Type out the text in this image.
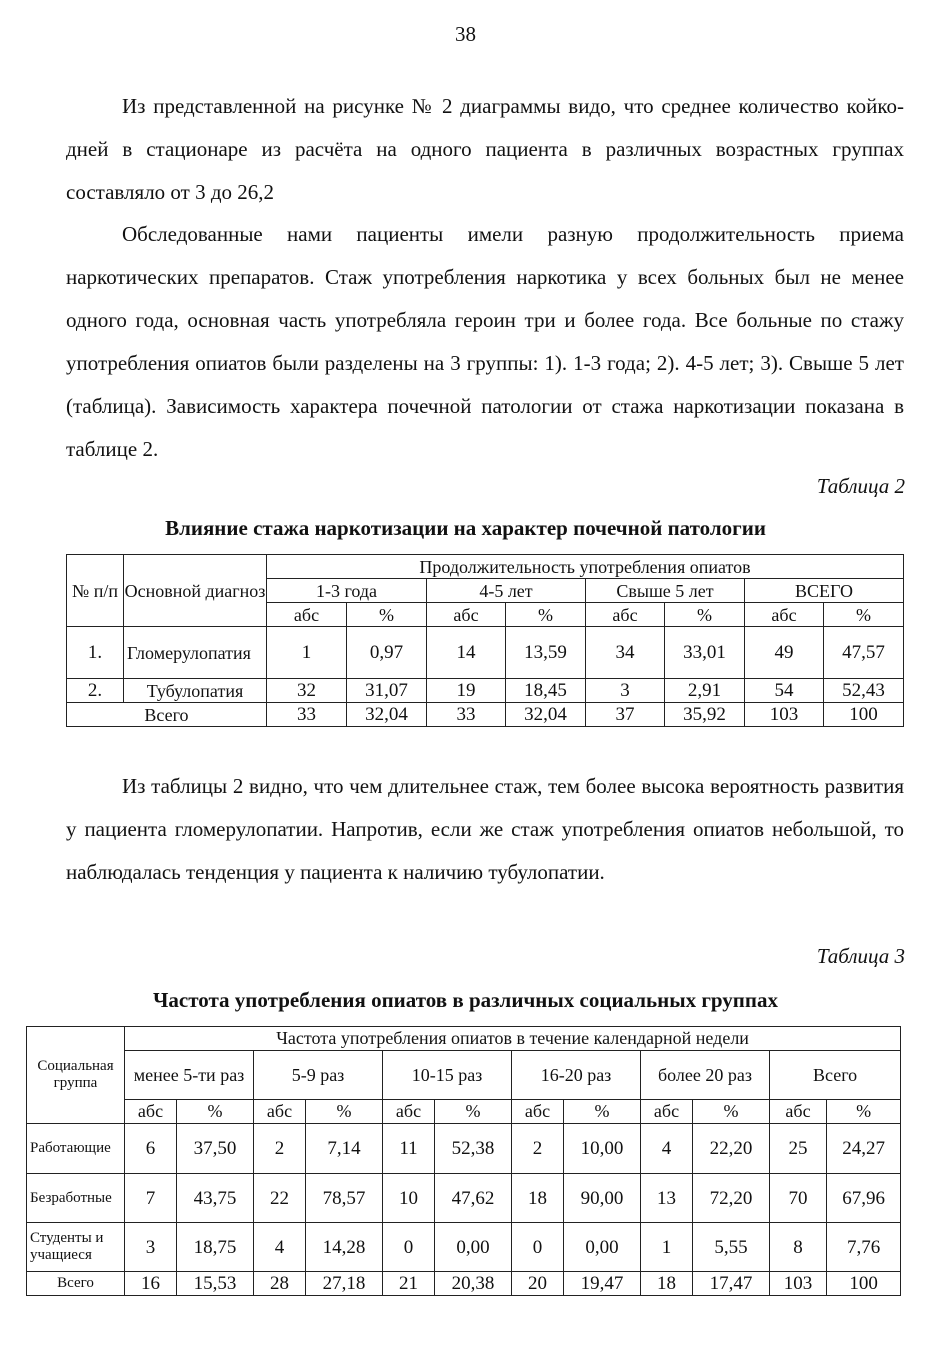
38

Из представленной на рисунке № 2 диаграммы видо, что среднее количество койко-дней в стационаре из расчёта на одного пациента в различных возрастных группах составляло от 3 до 26,2

Обследованные нами пациенты имели разную продолжительность приема наркотических препаратов. Стаж употребления наркотика у всех больных был не менее одного года, основная часть употребляла героин три и более года. Все больные по стажу употребления опиатов были разделены на 3 группы: 1). 1-3 года; 2). 4-5 лет; 3). Свыше 5 лет (таблица). Зависимость характера почечной патологии от стажа наркотизации показана в таблице 2.

Таблица 2
Влияние стажа наркотизации на характер почечной патологии
№ п/п	Основной диагноз	Продолжительность употребления опиатов							
		1-3 года		4-5 лет		Свыше 5 лет		ВСЕГО	
		абс	%	абс	%	абс	%	абс	%
1.	Гломерулопатия	1	0,97	14	13,59	34	33,01	49	47,57
2.	Тубулопатия	32	31,07	19	18,45	3	2,91	54	52,43
Всего		33	32,04	33	32,04	37	35,92	103	100

Из таблицы 2 видно, что чем длительнее стаж, тем более высока вероятность развития у пациента гломерулопатии. Напротив, если же стаж употребления опиатов небольшой, то наблюдалась тенденция у пациента к наличию тубулопатии.

Таблица 3
Частота употребления опиатов в различных социальных группах
Социальная группа	Частота употребления опиатов в течение календарной недели											
	менее 5-ти раз		5-9 раз		10-15 раз		16-20 раз		более 20 раз		Всего	
	абс	%	абс	%	абс	%	абс	%	абс	%	абс	%
Работающие	6	37,50	2	7,14	11	52,38	2	10,00	4	22,20	25	24,27
Безработные	7	43,75	22	78,57	10	47,62	18	90,00	13	72,20	70	67,96
Студенты и учащиеся	3	18,75	4	14,28	0	0,00	0	0,00	1	5,55	8	7,76
Всего	16	15,53	28	27,18	21	20,38	20	19,47	18	17,47	103	100
